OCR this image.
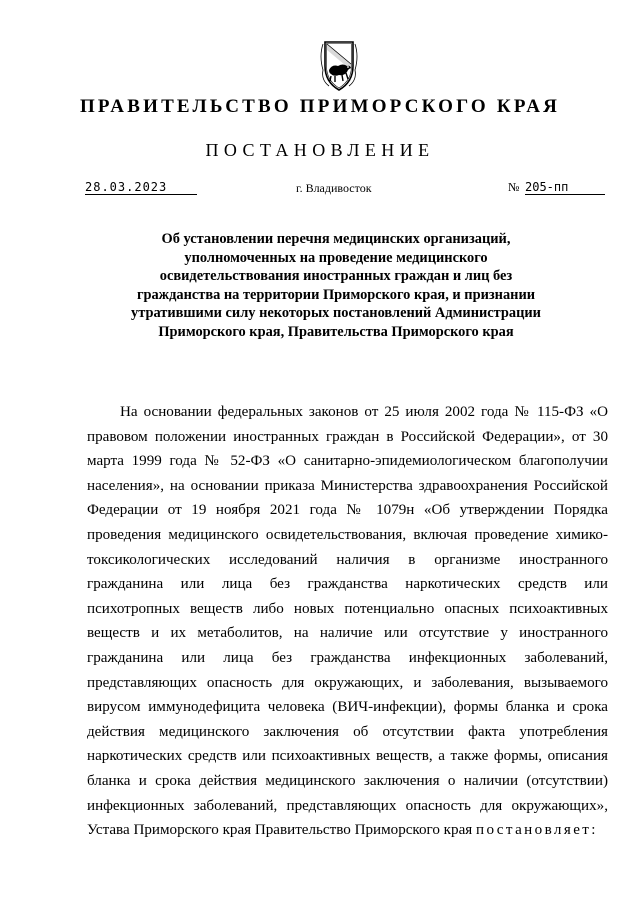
ПРАВИТЕЛЬСТВО ПРИМОРСКОГО КРАЯ
ПОСТАНОВЛЕНИЕ
28.03.2023	г. Владивосток	№ 205-пп
Об установлении перечня медицинских организаций, уполномоченных на проведение медицинского освидетельствования иностранных граждан и лиц без гражданства на территории Приморского края, и признании утратившими силу некоторых постановлений Администрации Приморского края, Правительства Приморского края

На основании федеральных законов от 25 июля 2002 года № 115-ФЗ «О правовом положении иностранных граждан в Российской Федерации», от 30 марта 1999 года № 52-ФЗ «О санитарно-эпидемиологическом благополучии населения», на основании приказа Министерства здравоохранения Российской Федерации от 19 ноября 2021 года № 1079н «Об утверждении Порядка проведения медицинского освидетельствования, включая проведение химико-токсикологических исследований наличия в организме иностранного гражданина или лица без гражданства наркотических средств или психотропных веществ либо новых потенциально опасных психоактивных веществ и их метаболитов, на наличие или отсутствие у иностранного гражданина или лица без гражданства инфекционных заболеваний, представляющих опасность для окружающих, и заболевания, вызываемого вирусом иммунодефицита человека (ВИЧ-инфекции), формы бланка и срока действия медицинского заключения об отсутствии факта употребления наркотических средств или психоактивных веществ, а также формы, описания бланка и срока действия медицинского заключения о наличии (отсутствии) инфекционных заболеваний, представляющих опасность для окружающих», Устава Приморского края Правительство Приморского края постановляет:
